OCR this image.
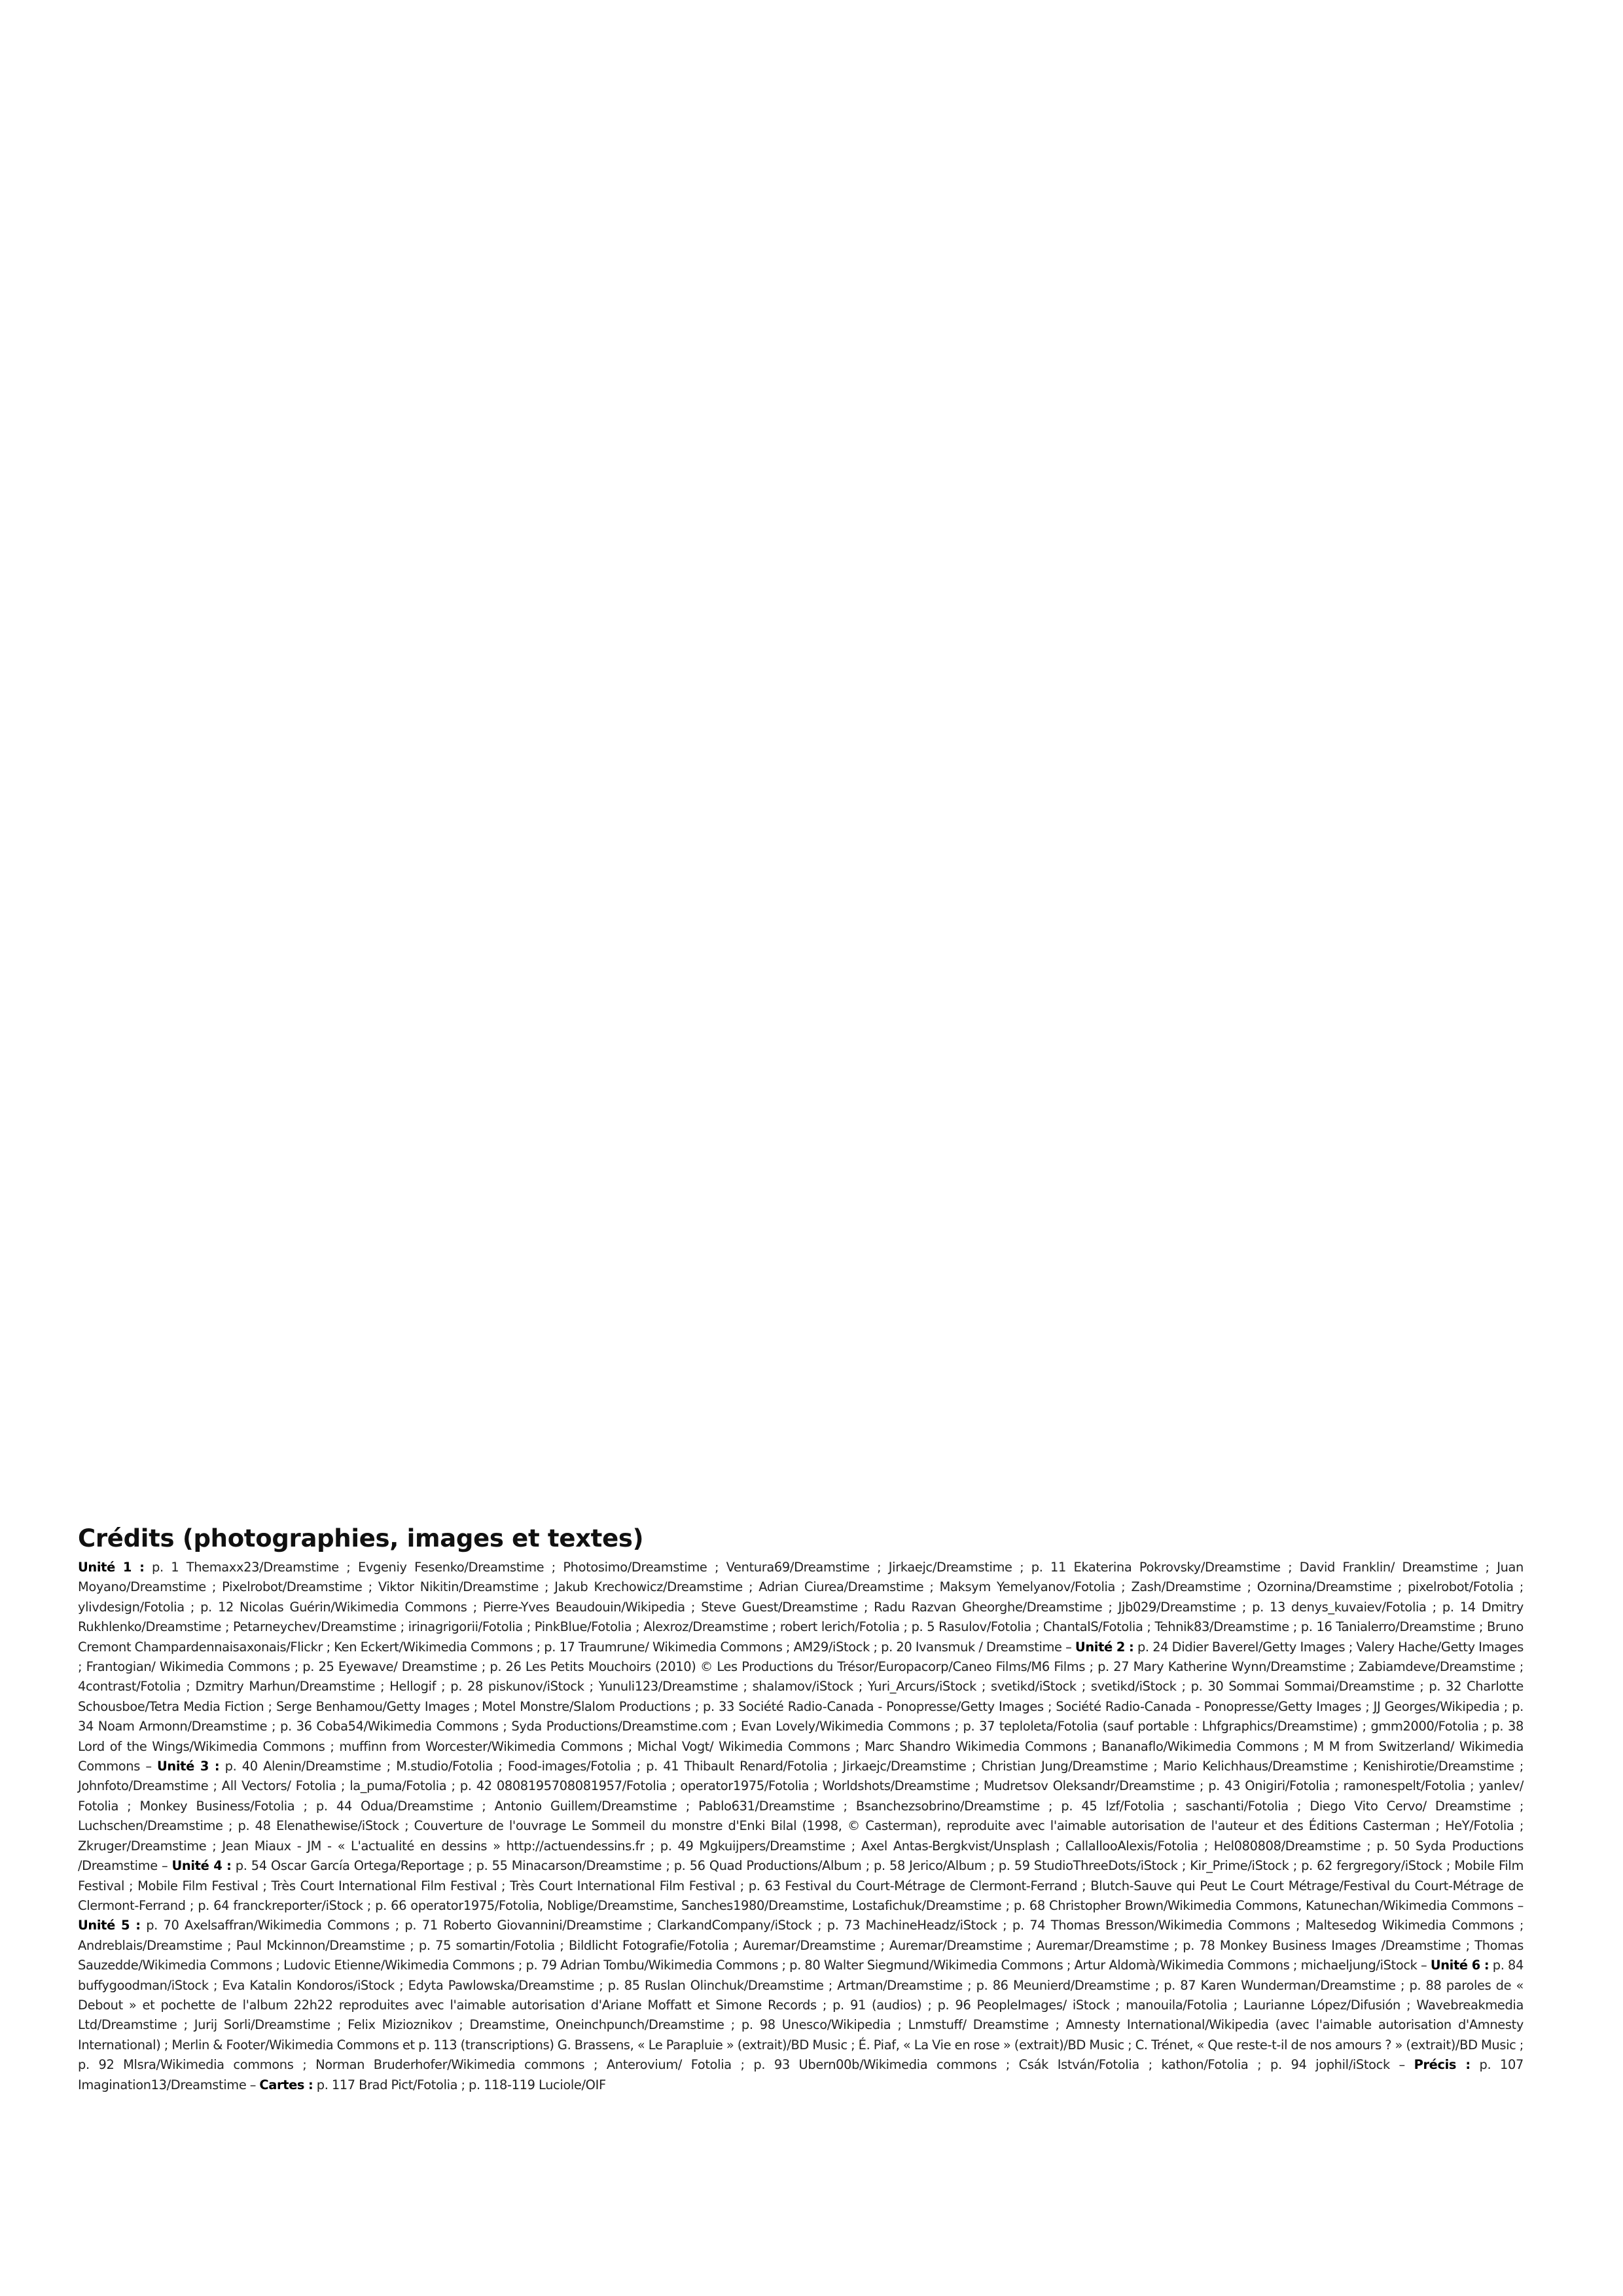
Crédits (photographies, images et textes)

Unité 1 : p. 1 Themaxx23/Dreamstime ; Evgeniy Fesenko/Dreamstime ; Photosimo/Dreamstime ; Ventura69/Dreamstime ; Jirkaejc/Dreamstime ; p. 11 Ekaterina Pokrovsky/Dreamstime ; David Franklin/ Dreamstime ; Juan Moyano/Dreamstime ; Pixelrobot/Dreamstime ; Viktor Nikitin/Dreamstime ; Jakub Krechowicz/Dreamstime ; Adrian Ciurea/Dreamstime ; Maksym Yemelyanov/Fotolia ; Zash/Dreamstime ; Ozornina/Dreamstime ; pixelrobot/Fotolia ; ylivdesign/Fotolia ; p. 12 Nicolas Guérin/Wikimedia Commons ; Pierre-Yves Beaudouin/Wikipedia ; Steve Guest/Dreamstime ; Radu Razvan Gheorghe/Dreamstime ; Jjb029/Dreamstime ; p. 13 denys_kuvaiev/Fotolia ; p. 14 Dmitry Rukhlenko/Dreamstime ; Petarneychev/Dreamstime ; irinagrigorii/Fotolia ; PinkBlue/Fotolia ; Alexroz/Dreamstime ; robert lerich/Fotolia ; p. 5 Rasulov/Fotolia ; ChantalS/Fotolia ; Tehnik83/Dreamstime ; p. 16 Tanialerro/Dreamstime ; Bruno Cremont Champardennaisaxonais/Flickr ; Ken Eckert/Wikimedia Commons ; p. 17 Traumrune/ Wikimedia Commons ; AM29/iStock ; p. 20 Ivansmuk / Dreamstime – Unité 2 : p. 24 Didier Baverel/Getty Images ; Valery Hache/Getty Images ; Frantogian/ Wikimedia Commons ; p. 25 Eyewave/ Dreamstime ; p. 26 Les Petits Mouchoirs (2010) © Les Productions du Trésor/Europacorp/Caneo Films/M6 Films ; p. 27 Mary Katherine Wynn/Dreamstime ; Zabiamdeve/Dreamstime ; 4contrast/Fotolia ; Dzmitry Marhun/Dreamstime ; Hellogif ; p. 28 piskunov/iStock ; Yunuli123/Dreamstime ; shalamov/iStock ; Yuri_Arcurs/iStock ; svetikd/iStock ; svetikd/iStock ; p. 30 Sommai Sommai/Dreamstime ; p. 32 Charlotte Schousboe/Tetra Media Fiction ; Serge Benhamou/Getty Images ; Motel Monstre/Slalom Productions ; p. 33 Société Radio-Canada - Ponopresse/Getty Images ; Société Radio-Canada - Ponopresse/Getty Images ; JJ Georges/Wikipedia ; p. 34 Noam Armonn/Dreamstime ; p. 36 Coba54/Wikimedia Commons ; Syda Productions/Dreamstime.com ; Evan Lovely/Wikimedia Commons ; p. 37 teploleta/Fotolia (sauf portable : Lhfgraphics/Dreamstime) ; gmm2000/Fotolia ; p. 38 Lord of the Wings/Wikimedia Commons ; muffinn from Worcester/Wikimedia Commons ; Michal Vogt/ Wikimedia Commons ; Marc Shandro Wikimedia Commons ; Bananaflo/Wikimedia Commons ; M M from Switzerland/ Wikimedia Commons – Unité 3 : p. 40 Alenin/Dreamstime ; M.studio/Fotolia ; Food-images/Fotolia ; p. 41 Thibault Renard/Fotolia ; Jirkaejc/Dreamstime ; Christian Jung/Dreamstime ; Mario Kelichhaus/Dreamstime ; Kenishirotie/Dreamstime ; Johnfoto/Dreamstime ; All Vectors/ Fotolia ; la_puma/Fotolia ; p. 42 0808195708081957/Fotolia ; operator1975/Fotolia ; Worldshots/Dreamstime ; Mudretsov Oleksandr/Dreamstime ; p. 43 Onigiri/Fotolia ; ramonespelt/Fotolia ; yanlev/ Fotolia ; Monkey Business/Fotolia ; p. 44 Odua/Dreamstime ; Antonio Guillem/Dreamstime ; Pablo631/Dreamstime ; Bsanchezsobrino/Dreamstime ; p. 45 lzf/Fotolia ; saschanti/Fotolia ; Diego Vito Cervo/ Dreamstime ; Luchschen/Dreamstime ; p. 48 Elenathewise/iStock ; Couverture de l'ouvrage Le Sommeil du monstre d'Enki Bilal (1998, © Casterman), reproduite avec l'aimable autorisation de l'auteur et des Éditions Casterman ; HeY/Fotolia ; Zkruger/Dreamstime ; Jean Miaux - JM - « L'actualité en dessins » http://actuendessins.fr ; p. 49 Mgkuijpers/Dreamstime ; Axel Antas-Bergkvist/Unsplash ; CallallooAlexis/Fotolia ; Hel080808/Dreamstime ; p. 50 Syda Productions /Dreamstime – Unité 4 : p. 54 Oscar García Ortega/Reportage ; p. 55 Minacarson/Dreamstime ; p. 56 Quad Productions/Album ; p. 58 Jerico/Album ; p. 59 StudioThreeDots/iStock ; Kir_Prime/iStock ; p. 62 fergregory/iStock ; Mobile Film Festival ; Mobile Film Festival ; Très Court International Film Festival ; Très Court International Film Festival ; p. 63 Festival du Court-Métrage de Clermont-Ferrand ; Blutch-Sauve qui Peut Le Court Métrage/Festival du Court-Métrage de Clermont-Ferrand ; p. 64 franckreporter/iStock ; p. 66 operator1975/Fotolia, Noblige/Dreamstime, Sanches1980/Dreamstime, Lostafichuk/Dreamstime ; p. 68 Christopher Brown/Wikimedia Commons, Katunechan/Wikimedia Commons – Unité 5 : p. 70 Axelsaffran/Wikimedia Commons ; p. 71 Roberto Giovannini/Dreamstime ; ClarkandCompany/iStock ; p. 73 MachineHeadz/iStock ; p. 74 Thomas Bresson/Wikimedia Commons ; Maltesedog Wikimedia Commons ; Andreblais/Dreamstime ; Paul Mckinnon/Dreamstime ; p. 75 somartin/Fotolia ; Bildlicht Fotografie/Fotolia ; Auremar/Dreamstime ; Auremar/Dreamstime ; Auremar/Dreamstime ; p. 78 Monkey Business Images /Dreamstime ; Thomas Sauzedde/Wikimedia Commons ; Ludovic Etienne/Wikimedia Commons ; p. 79 Adrian Tombu/Wikimedia Commons ; p. 80 Walter Siegmund/Wikimedia Commons ; Artur Aldomà/Wikimedia Commons ; michaeljung/iStock – Unité 6 : p. 84 buffygoodman/iStock ; Eva Katalin Kondoros/iStock ; Edyta Pawlowska/Dreamstime ; p. 85 Ruslan Olinchuk/Dreamstime ; Artman/Dreamstime ; p. 86 Meunierd/Dreamstime ; p. 87 Karen Wunderman/Dreamstime ; p. 88 paroles de « Debout » et pochette de l'album 22h22 reproduites avec l'aimable autorisation d'Ariane Moffatt et Simone Records ; p. 91 (audios) ; p. 96 PeopleImages/ iStock ; manouila/Fotolia ; Laurianne López/Difusión ; Wavebreakmedia Ltd/Dreamstime ; Jurij Sorli/Dreamstime ; Felix Mizioznikov ; Dreamstime, Oneinchpunch/Dreamstime ; p. 98 Unesco/Wikipedia ; Lnmstuff/ Dreamstime ; Amnesty International/Wikipedia (avec l'aimable autorisation d'Amnesty International) ; Merlin & Footer/Wikimedia Commons et p. 113 (transcriptions) G. Brassens, « Le Parapluie » (extrait)/BD Music ; É. Piaf, « La Vie en rose » (extrait)/BD Music ; C. Trénet, « Que reste-t-il de nos amours ? » (extrait)/BD Music ; p. 92 Mlsra/Wikimedia commons ; Norman Bruderhofer/Wikimedia commons ; Anterovium/ Fotolia ; p. 93 Ubern00b/Wikimedia commons ; Csák István/Fotolia ; kathon/Fotolia ; p. 94 jophil/iStock – Précis : p. 107 Imagination13/Dreamstime – Cartes : p. 117 Brad Pict/Fotolia ; p. 118-119 Luciole/OIF
